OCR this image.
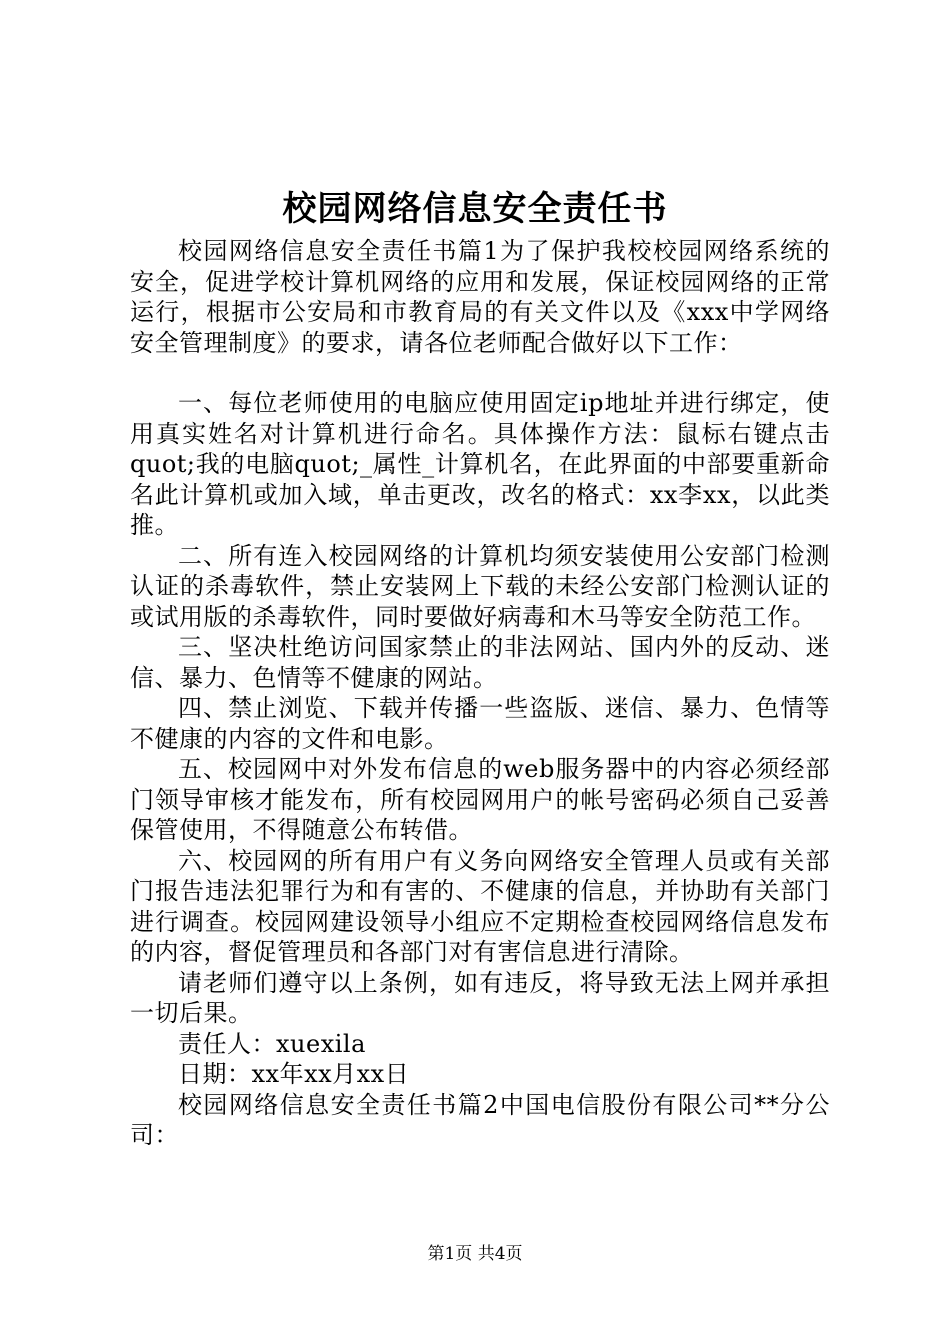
校园网络信息安全责任书

校园网络信息安全责任书篇1为了保护我校校园网络系统的安全，促进学校计算机网络的应用和发展，保证校园网络的正常运行，根据市公安局和市教育局的有关文件以及《xxx中学网络安全管理制度》的要求，请各位老师配合做好以下工作：

一、每位老师使用的电脑应使用固定ip地址并进行绑定，使用真实姓名对计算机进行命名。具体操作方法：鼠标右键点击quot;我的电脑quot;_属性_计算机名，在此界面的中部要重新命名此计算机或加入域，单击更改，改名的格式：xx李xx，以此类推。

二、所有连入校园网络的计算机均须安装使用公安部门检测认证的杀毒软件，禁止安装网上下载的未经公安部门检测认证的或试用版的杀毒软件，同时要做好病毒和木马等安全防范工作。

三、坚决杜绝访问国家禁止的非法网站、国内外的反动、迷信、暴力、色情等不健康的网站。

四、禁止浏览、下载并传播一些盗版、迷信、暴力、色情等不健康的内容的文件和电影。

五、校园网中对外发布信息的web服务器中的内容必须经部门领导审核才能发布，所有校园网用户的帐号密码必须自己妥善保管使用，不得随意公布转借。

六、校园网的所有用户有义务向网络安全管理人员或有关部门报告违法犯罪行为和有害的、不健康的信息，并协助有关部门进行调查。校园网建设领导小组应不定期检查校园网络信息发布的内容，督促管理员和各部门对有害信息进行清除。

请老师们遵守以上条例，如有违反，将导致无法上网并承担一切后果。

责任人：xuexila

日期：xx年xx月xx日

校园网络信息安全责任书篇2中国电信股份有限公司**分公司：

第1页 共4页
